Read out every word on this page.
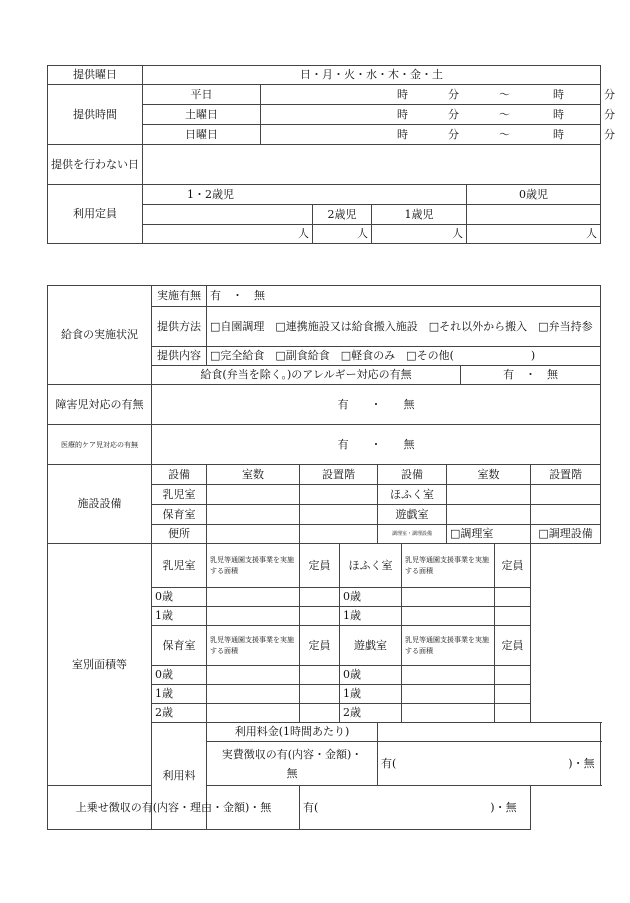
提供曜日	日・月・火・水・木・金・土				
提供時間	平日	時 分 ～ 時 分			
	土曜日	時 分 ～ 時 分			
	日曜日	時 分 ～ 時 分			
提供を行わない日					
利用定員	1・2歳児				0歳児
			2歳児	1歳児	
	人		人	人	人
給食の実施状況	実施有無	有　・　無								
	提供方法	□自園調理　□連携施設又は給食搬入施設　□それ以外から搬入　□弁当持参								
	提供内容	□完全給食　□副食給食　□軽食のみ　□その他(　　　　　　　)								
	給食(弁当を除く。)のアレルギー対応の有無							有　・　無		
障害児対応の有無	有　　・　　無									
医療的ケア児対応の有無	有　　・　　無									
施設設備	設備	室数	設置階		設備		室数			設置階
	乳児室				ほふく室					
	保育室				遊戯室					
	便所				調理室・調理設備		□調理室			□調理設備
室別面積等	乳児室	乳児等通園支援事業を実施する面積	定員	ほふく室		乳児等通園支援事業を実施する面積			定員	
	0歳			0歳						
	1歳			1歳						
	保育室	乳児等通園支援事業を実施する面積	定員	遊戯室		乳児等通園支援事業を実施する面積			定員	
	0歳			0歳						
	1歳			1歳						
	2歳			2歳						
	利用料	利用料金(1時間あたり)								
		実費徴収の有(内容・金額)・無			有( )・無					
上乗せ徴収の有(内容・理由・金額)・無			有( )・無							
